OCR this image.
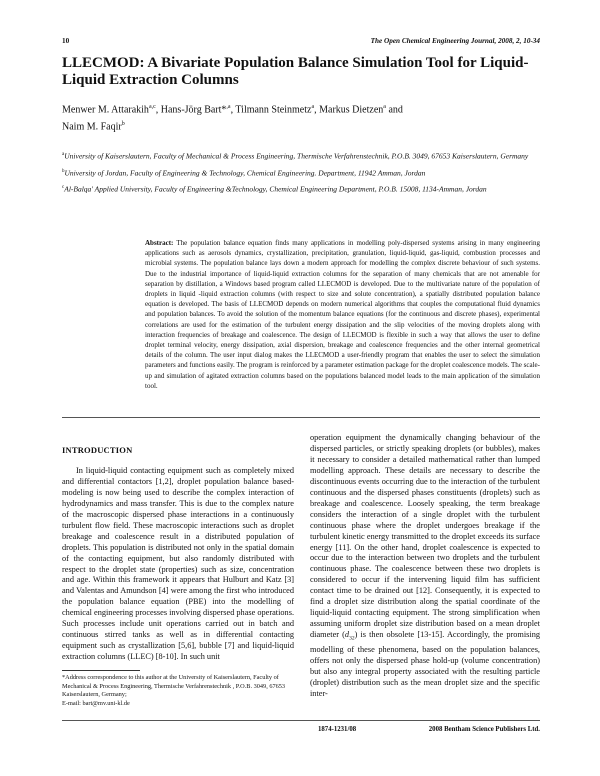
10	The Open Chemical Engineering Journal, 2008, 2, 10-34
LLECMOD: A Bivariate Population Balance Simulation Tool for Liquid-Liquid Extraction Columns

Menwer M. Attarakih$^{a,c}$, Hans-Jörg Bart*$^{,a}$, Tilmann Steinmetz$^a$, Markus Dietzen$^a$ and
Naim M. Faqir$^b$

$^a$University of Kaiserslautern, Faculty of Mechanical & Process Engineering, Thermische Verfahrenstechnik, P.O.B. 3049, 67653 Kaiserslautern, Germany
$^b$University of Jordan, Faculty of Engineering & Technology, Chemical Engineering. Department, 11942 Amman, Jordan
$^c$Al-Balqa' Applied University, Faculty of Engineering &Technology, Chemical Engineering Department, P.O.B. 15008, 1134-Amman, Jordan

Abstract: The population balance equation finds many applications in modelling poly-dispersed systems arising in many engineering applications such as aerosols dynamics, crystallization, precipitation, granulation, liquid-liquid, gas-liquid, combustion processes and microbial systems. The population balance lays down a modern approach for modelling the complex discrete behaviour of such systems. Due to the industrial importance of liquid-liquid extraction columns for the separation of many chemicals that are not amenable for separation by distillation, a Windows based program called LLECMOD is developed. Due to the multivariate nature of the population of droplets in liquid -liquid extraction columns (with respect to size and solute concentration), a spatially distributed population balance equation is developed. The basis of LLECMOD depends on modern numerical algorithms that couples the computational fluid dynamics and population balances. To avoid the solution of the momentum balance equations (for the continuous and discrete phases), experimental correlations are used for the estimation of the turbulent energy dissipation and the slip velocities of the moving droplets along with interaction frequencies of breakage and coalescence. The design of LLECMOD is flexible in such a way that allows the user to define droplet terminal velocity, energy dissipation, axial dispersion, breakage and coalescence frequencies and the other internal geometrical details of the column. The user input dialog makes the LLECMOD a user-friendly program that enables the user to select the simulation parameters and functions easily. The program is reinforced by a parameter estimation package for the droplet coalescence models. The scale-up and simulation of agitated extraction columns based on the populations balanced model leads to the main application of the simulation tool.

INTRODUCTION

In liquid-liquid contacting equipment such as completely mixed and differential contactors [1,2], droplet population balance based-modeling is now being used to describe the complex interaction of hydrodynamics and mass transfer. This is due to the complex nature of the macroscopic dispersed phase interactions in a continuously turbulent flow field. These macroscopic interactions such as droplet breakage and coalescence result in a distributed population of droplets. This population is distributed not only in the spatial domain of the contacting equipment, but also randomly distributed with respect to the droplet state (properties) such as size, concentration and age. Within this framework it appears that Hulburt and Katz [3] and Valentas and Amundson [4] were among the first who introduced the population balance equation (PBE) into the modelling of chemical engineering processes involving dispersed phase operations. Such processes include unit operations carried out in batch and continuous stirred tanks as well as in differential contacting equipment such as crystallization [5,6], bubble [7] and liquid-liquid extraction columns (LLEC) [8-10]. In such unit

operation equipment the dynamically changing behaviour of the dispersed particles, or strictly speaking droplets (or bubbles), makes it necessary to consider a detailed mathematical rather than lumped modelling approach. These details are necessary to describe the discontinuous events occurring due to the interaction of the turbulent continuous and the dispersed phases constituents (droplets) such as breakage and coalescence. Loosely speaking, the term breakage considers the interaction of a single droplet with the turbulent continuous phase where the droplet undergoes breakage if the turbulent kinetic energy transmitted to the droplet exceeds its surface energy [11]. On the other hand, droplet coalescence is expected to occur due to the interaction between two droplets and the turbulent continuous phase. The coalescence between these two droplets is considered to occur if the intervening liquid film has sufficient contact time to be drained out [12]. Consequently, it is expected to find a droplet size distribution along the spatial coordinate of the liquid-liquid contacting equipment. The strong simplification when assuming uniform droplet size distribution based on a mean droplet diameter $(d_{32})$ is then obsolete [13-15]. Accordingly, the promising modelling of these phenomena, based on the population balances, offers not only the dispersed phase hold-up (volume concentration) but also any integral property associated with the resulting particle (droplet) distribution such as the mean droplet size and the specific inter-

*Address correspondence to this author at the University of Kaiserslautern, Faculty of Mechanical & Process Engineering, Thermische Verfahrenstechnik , P.O.B. 3049, 67653 Kaiserslautern, Germany;
E-mail: bart@mv.uni-kl.de
1874-1231/08	2008 Bentham Science Publishers Ltd.
